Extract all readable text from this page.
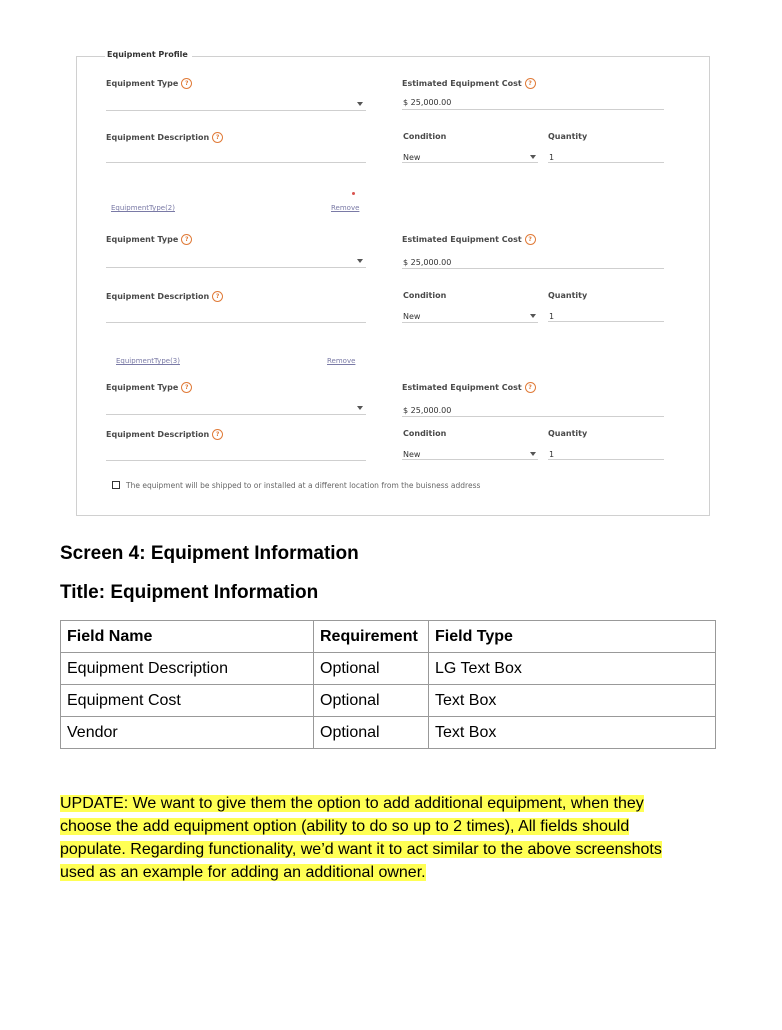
Equipment Profile
Equipment Type ?	Estimated Equipment Cost ?
$ 25,000.00
Equipment Description ?	Condition
New
Quantity
1
EquipmentType(2)	Remove
Equipment Type ?	Estimated Equipment Cost ?
$ 25,000.00
Equipment Description ?	Condition
New
Quantity
1
EquipmentType(3)	Remove
Equipment Type ?	Estimated Equipment Cost ?
$ 25,000.00
Equipment Description ?	Condition
New
Quantity
1
The equipment will be shipped to or installed at a different location from the buisness address
Screen 4: Equipment Information
Title: Equipment Information
Field Name	Requirement	Field Type
Equipment Description	Optional	LG Text Box
Equipment Cost	Optional	Text Box
Vendor	Optional	Text Box
UPDATE: We want to give them the option to add additional equipment, when they
choose the add equipment option (ability to do so up to 2 times), All fields should
populate. Regarding functionality, we’d want it to act similar to the above screenshots
used as an example for adding an additional owner.
